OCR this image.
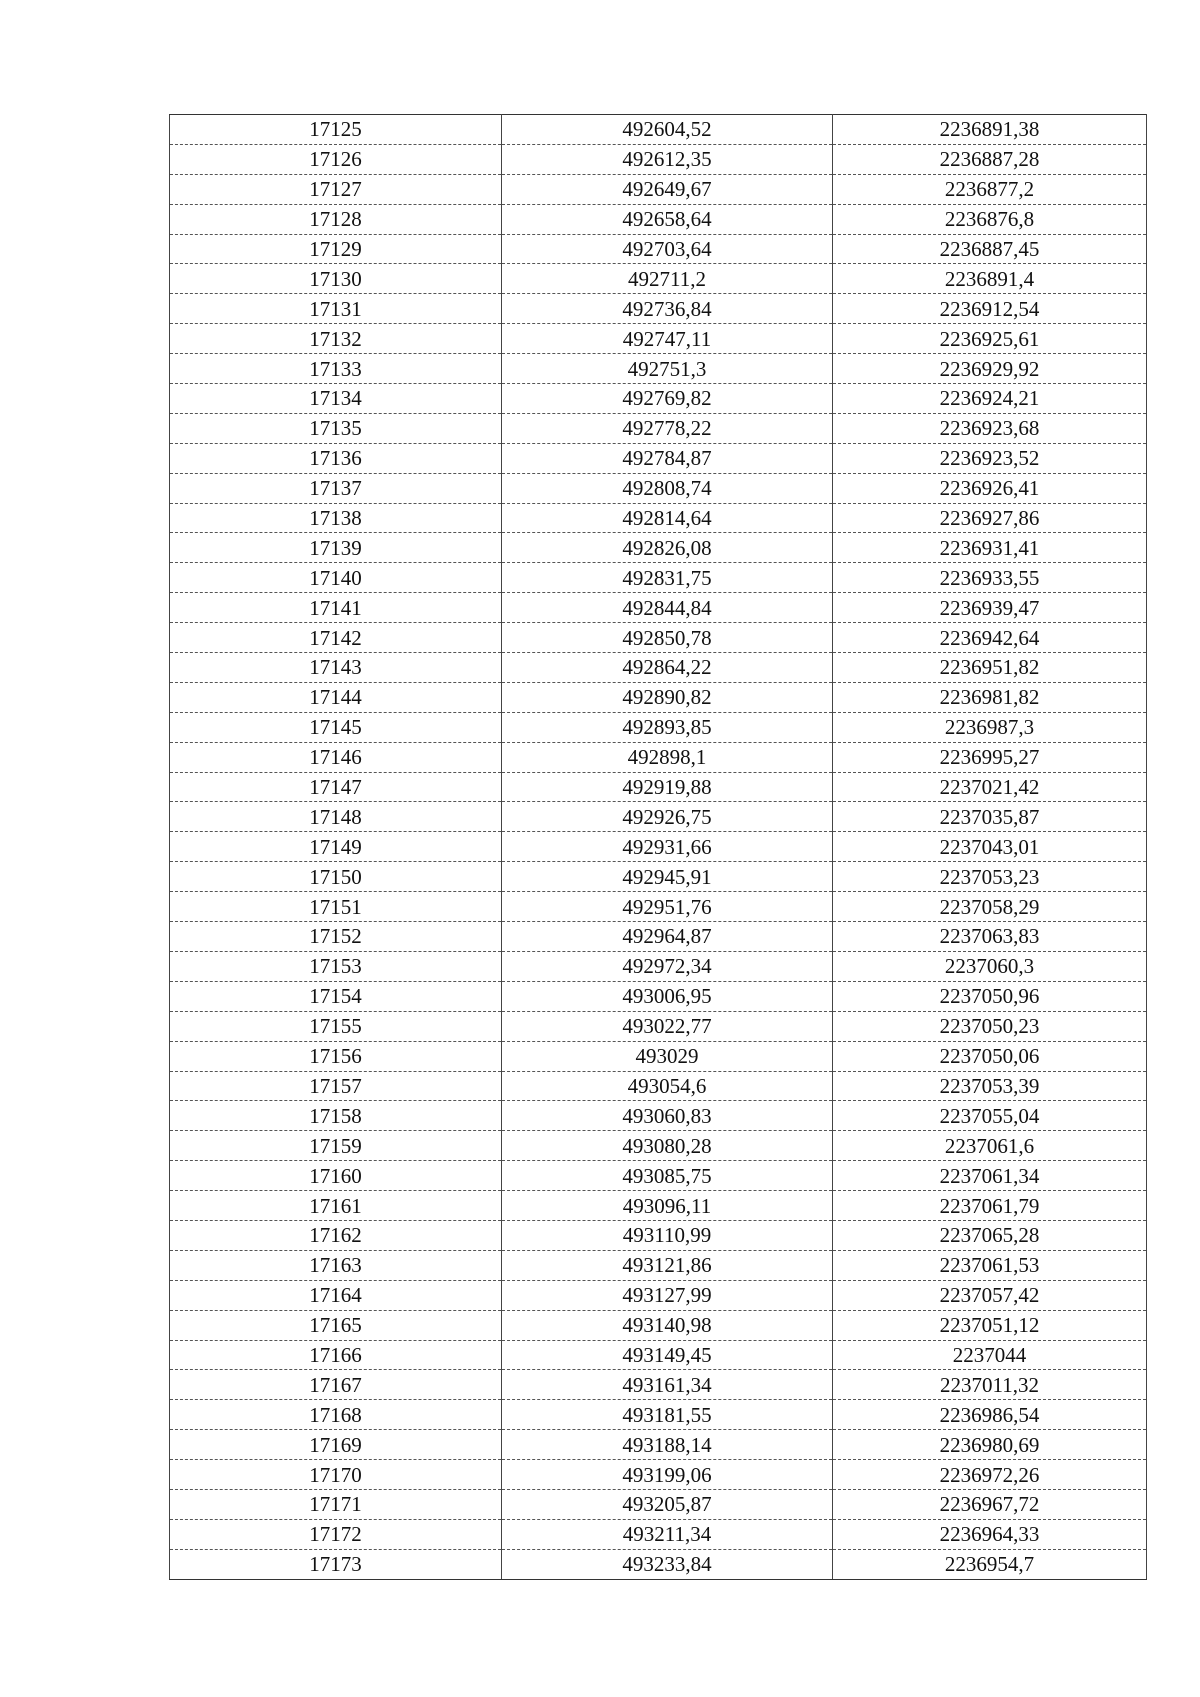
17125	492604,52	2236891,38
17126	492612,35	2236887,28
17127	492649,67	2236877,2
17128	492658,64	2236876,8
17129	492703,64	2236887,45
17130	492711,2	2236891,4
17131	492736,84	2236912,54
17132	492747,11	2236925,61
17133	492751,3	2236929,92
17134	492769,82	2236924,21
17135	492778,22	2236923,68
17136	492784,87	2236923,52
17137	492808,74	2236926,41
17138	492814,64	2236927,86
17139	492826,08	2236931,41
17140	492831,75	2236933,55
17141	492844,84	2236939,47
17142	492850,78	2236942,64
17143	492864,22	2236951,82
17144	492890,82	2236981,82
17145	492893,85	2236987,3
17146	492898,1	2236995,27
17147	492919,88	2237021,42
17148	492926,75	2237035,87
17149	492931,66	2237043,01
17150	492945,91	2237053,23
17151	492951,76	2237058,29
17152	492964,87	2237063,83
17153	492972,34	2237060,3
17154	493006,95	2237050,96
17155	493022,77	2237050,23
17156	493029	2237050,06
17157	493054,6	2237053,39
17158	493060,83	2237055,04
17159	493080,28	2237061,6
17160	493085,75	2237061,34
17161	493096,11	2237061,79
17162	493110,99	2237065,28
17163	493121,86	2237061,53
17164	493127,99	2237057,42
17165	493140,98	2237051,12
17166	493149,45	2237044
17167	493161,34	2237011,32
17168	493181,55	2236986,54
17169	493188,14	2236980,69
17170	493199,06	2236972,26
17171	493205,87	2236967,72
17172	493211,34	2236964,33
17173	493233,84	2236954,7
